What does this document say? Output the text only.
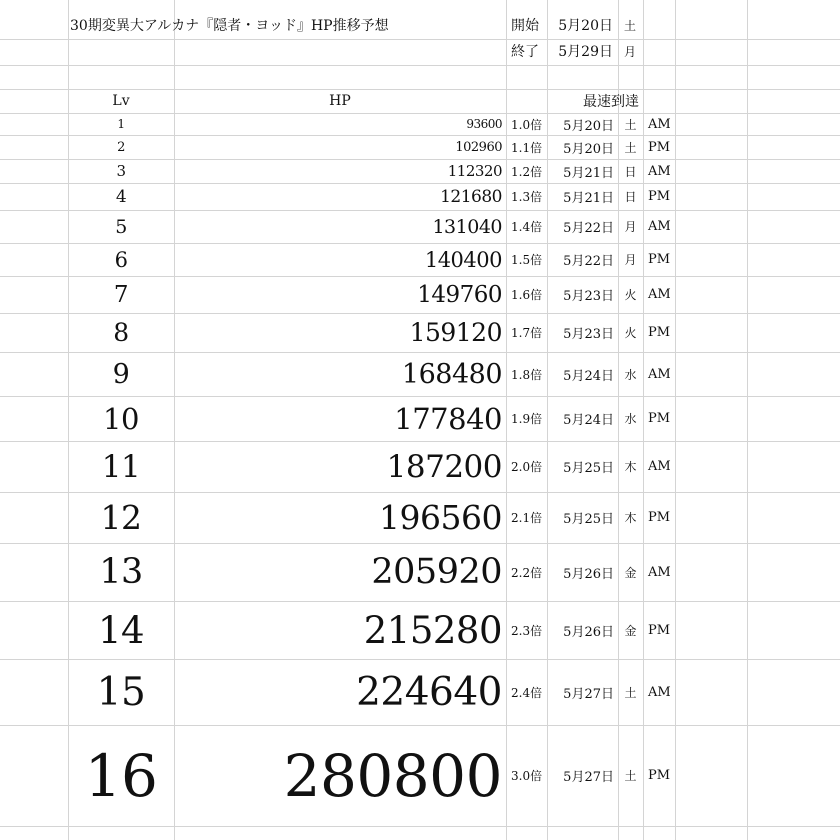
30期変異大アルカナ『隠者・ヨッド』HP推移予想	開始	5月20日 土
終了	5月29日 月
Lv	HP	最速到達
1	93600 1.0倍	5月20日 土 AM
2	102960 1.1倍	5月20日 土 PM
3	112320 1.2倍	5月21日 日 AM
4	121680 1.3倍	5月21日 日 PM
5	131040 1.4倍	5月22日 月 AM
6	140400 1.5倍	5月22日 月 PM
7	149760 1.6倍	5月23日 火 AM
8	159120 1.7倍	5月23日 火 PM
9	168480 1.8倍	5月24日 水 AM
10	177840 1.9倍	5月24日 水 PM
11	187200 2.0倍	5月25日 木 AM
12	196560 2.1倍	5月25日 木 PM
13	205920 2.2倍	5月26日 金 AM
14	215280 2.3倍	5月26日 金 PM
15	224640 2.4倍	5月27日 土 AM
16	280800 3.0倍	5月27日 土 PM
